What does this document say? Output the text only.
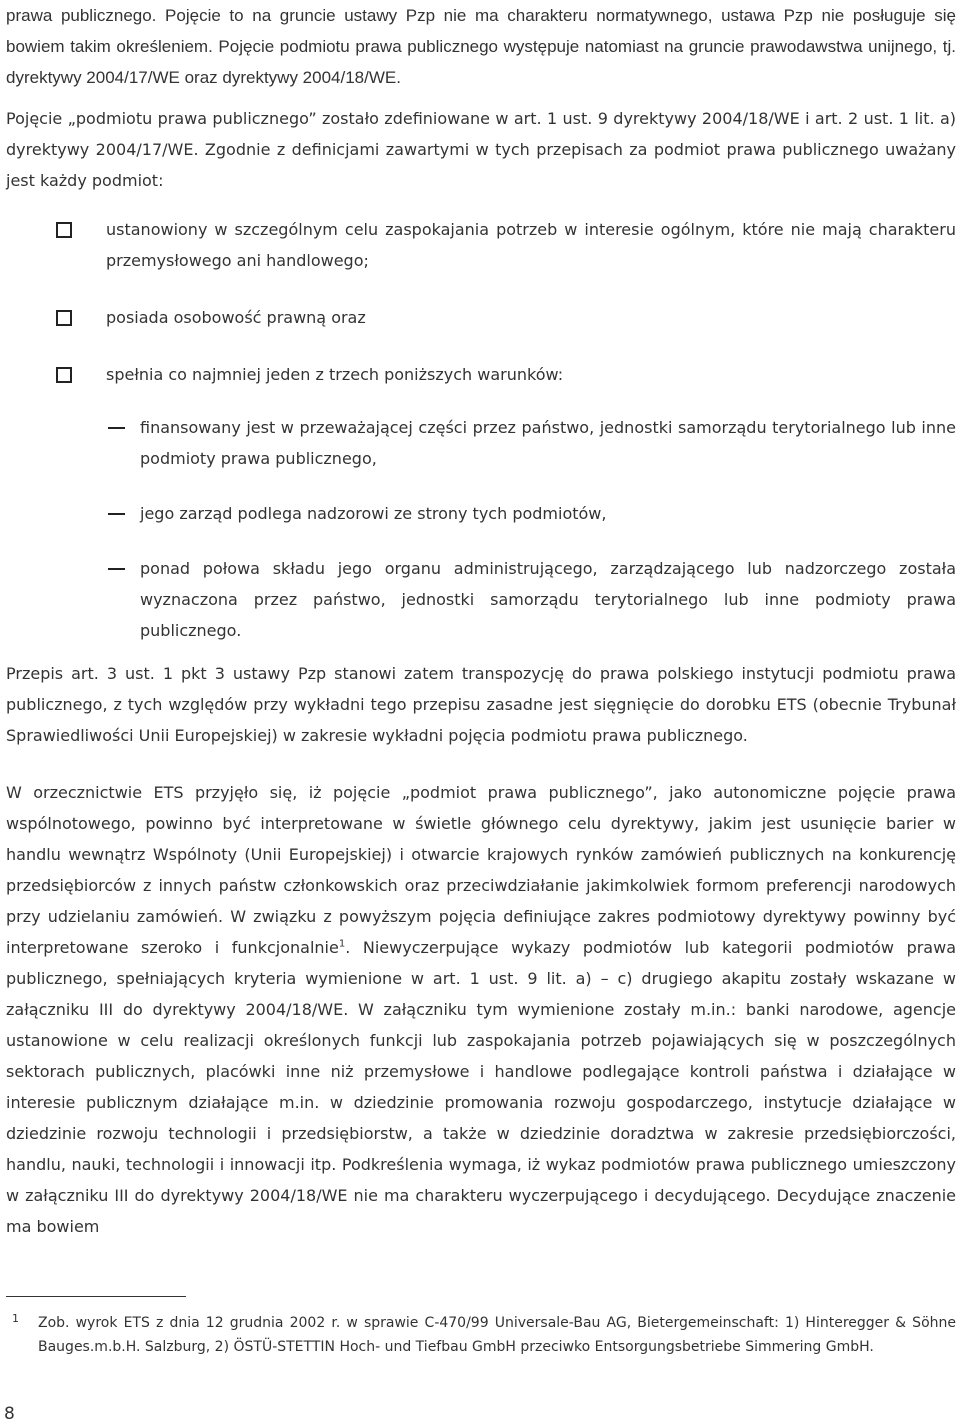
prawa publicznego. Pojęcie to na gruncie ustawy Pzp nie ma charakteru normatywnego, ustawa Pzp nie posługuje się bowiem takim określeniem. Pojęcie podmiotu prawa publicznego występuje natomiast na gruncie prawodawstwa unijnego, tj. dyrektywy 2004/17/WE oraz dyrektywy 2004/18/WE.

Pojęcie „podmiotu prawa publicznego” zostało zdefiniowane w art. 1 ust. 9 dyrektywy 2004/18/WE i art. 2 ust. 1 lit. a) dyrektywy 2004/17/WE. Zgodnie z definicjami zawartymi w tych przepisach za podmiot prawa publicznego uważany jest każdy podmiot:

ustanowiony w szczególnym celu zaspokajania potrzeb w interesie ogólnym, które nie mają charakteru przemysłowego ani handlowego;
posiada osobowość prawną oraz
spełnia co najmniej jeden z trzech poniższych warunków:
finansowany jest w przeważającej części przez państwo, jednostki samorządu terytorialnego lub inne podmioty prawa publicznego,
jego zarząd podlega nadzorowi ze strony tych podmiotów,
ponad połowa składu jego organu administrującego, zarządzającego lub nadzorczego została wyznaczona przez państwo, jednostki samorządu terytorialnego lub inne podmioty prawa publicznego.

Przepis art. 3 ust. 1 pkt 3 ustawy Pzp stanowi zatem transpozycję do prawa polskiego instytucji podmiotu prawa publicznego, z tych względów przy wykładni tego przepisu zasadne jest sięgnięcie do dorobku ETS (obecnie Trybunał Sprawiedliwości Unii Europejskiej) w zakresie wykładni pojęcia podmiotu prawa publicznego.

W orzecznictwie ETS przyjęło się, iż pojęcie „podmiot prawa publicznego”, jako autonomiczne pojęcie prawa wspólnotowego, powinno być interpretowane w świetle głównego celu dyrektywy, jakim jest usunięcie barier w handlu wewnątrz Wspólnoty (Unii Europejskiej) i otwarcie krajowych rynków zamówień publicznych na konkurencję przedsiębiorców z innych państw członkowskich oraz przeciwdziałanie jakimkolwiek formom preferencji narodowych przy udzielaniu zamówień. W związku z powyższym pojęcia definiujące zakres podmiotowy dyrektywy powinny być interpretowane szeroko i funkcjonalnie$^1$. Niewyczerpujące wykazy podmiotów lub kategorii podmiotów prawa publicznego, spełniających kryteria wymienione w art. 1 ust. 9 lit. a) – c) drugiego akapitu zostały wskazane w załączniku III do dyrektywy 2004/18/WE. W załączniku tym wymienione zostały m.in.: banki narodowe, agencje ustanowione w celu realizacji określonych funkcji lub zaspokajania potrzeb pojawiających się w poszczególnych sektorach publicznych, placówki inne niż przemysłowe i handlowe podlegające kontroli państwa i działające w interesie publicznym działające m.in. w dziedzinie promowania rozwoju gospodarczego, instytucje działające w dziedzinie rozwoju technologii i przedsiębiorstw, a także w dziedzinie doradztwa w zakresie przedsiębiorczości, handlu, nauki, technologii i innowacji itp. Podkreślenia wymaga, iż wykaz podmiotów prawa publicznego umieszczony w załączniku III do dyrektywy 2004/18/WE nie ma charakteru wyczerpującego i decydującego. Decydujące znaczenie ma bowiem

1 Zob. wyrok ETS z dnia 12 grudnia 2002 r. w sprawie C-470/99 Universale-Bau AG, Bietergemeinschaft: 1) Hinteregger & Söhne Bauges.m.b.H. Salzburg, 2) ÖSTÜ-STETTIN Hoch- und Tiefbau GmbH przeciwko Entsorgungsbetriebe Simmering GmbH.

8
